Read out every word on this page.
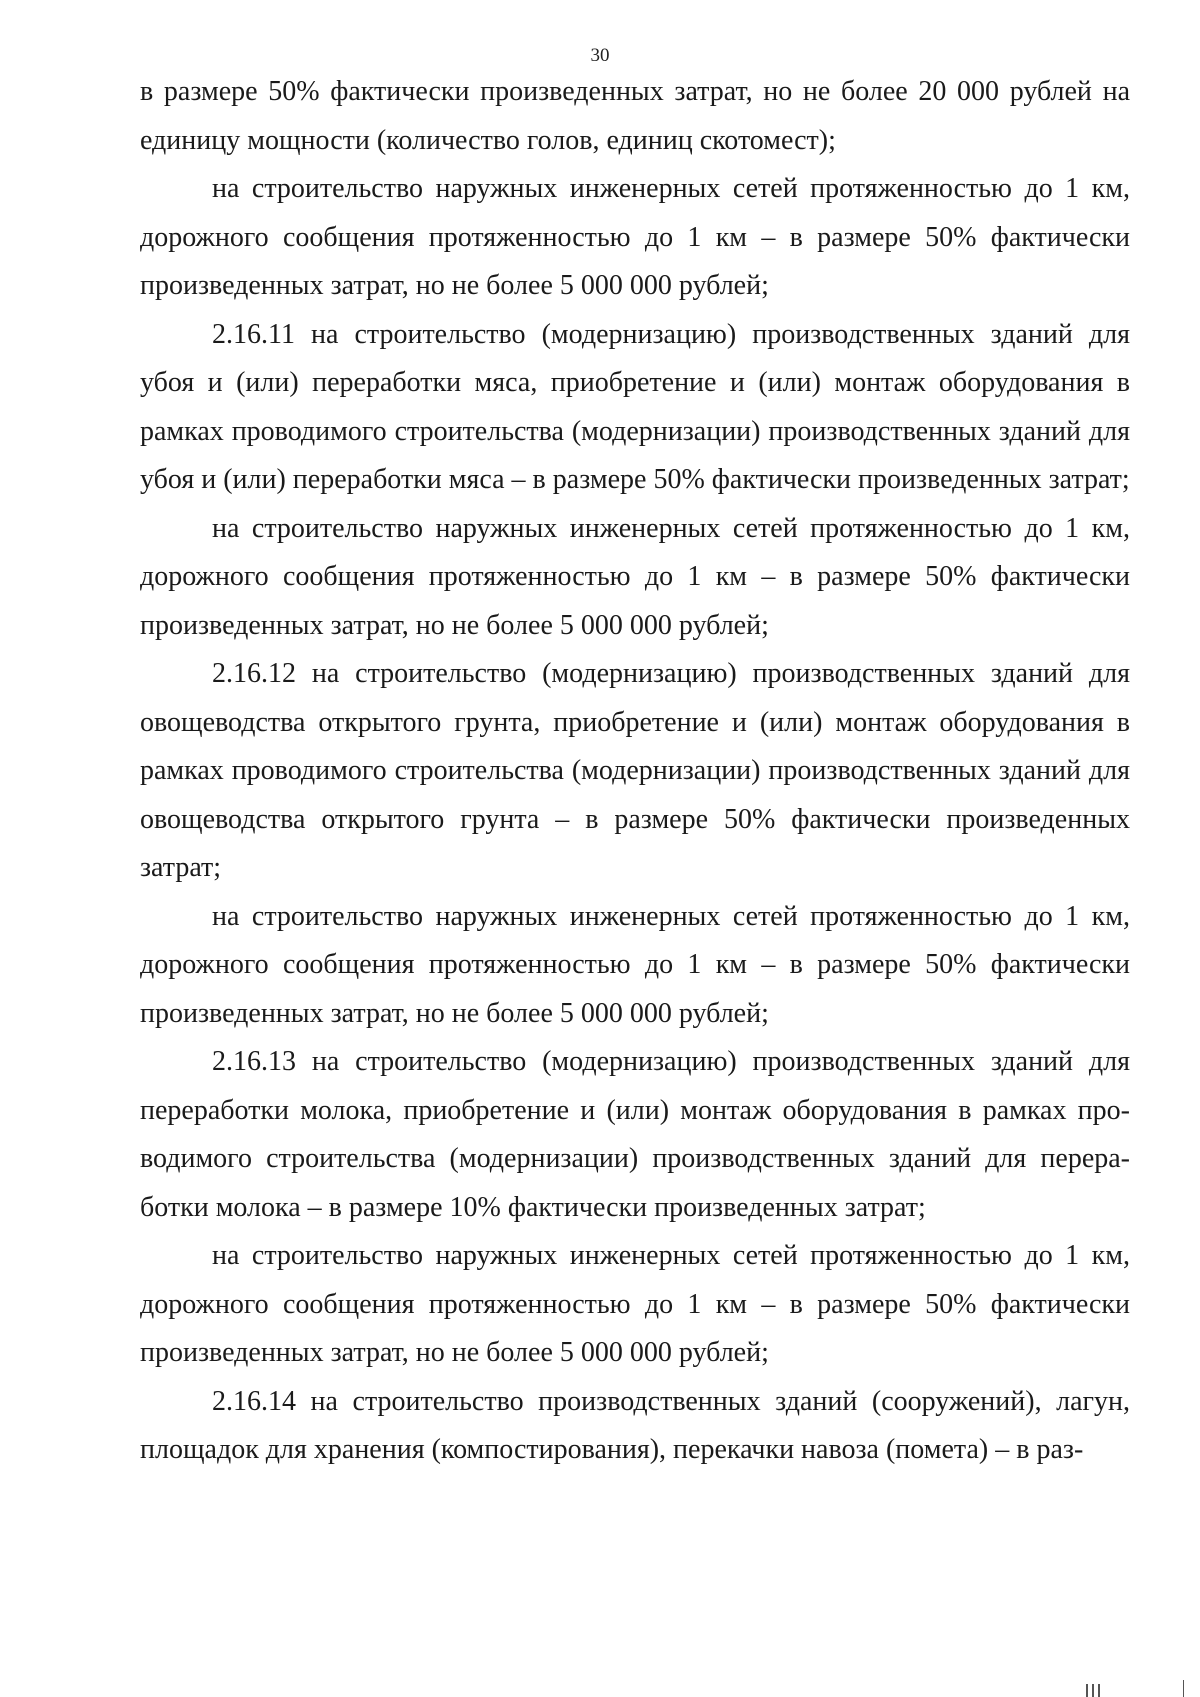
30

в размере 50% фактически произведенных затрат, но не более 20 000 рублей на единицу мощности (количество голов, единиц скотомест);

на строительство наружных инженерных сетей протяженностью до 1 км, дорожного сообщения протяженностью до 1 км – в размере 50% фактически произведенных затрат, но не более 5 000 000 рублей;

2.16.11 на строительство (модернизацию) производственных зданий для убоя и (или) переработки мяса, приобретение и (или) монтаж оборудования в рамках проводимого строительства (модернизации) производственных зданий для убоя и (или) переработки мяса – в размере 50% фактически произведенных затрат;

на строительство наружных инженерных сетей протяженностью до 1 км, дорожного сообщения протяженностью до 1 км – в размере 50% фактически произведенных затрат, но не более 5 000 000 рублей;

2.16.12 на строительство (модернизацию) производственных зданий для овощеводства открытого грунта, приобретение и (или) монтаж оборудования в рамках проводимого строительства (модернизации) производственных зданий для овощеводства открытого грунта – в размере 50% фактически произведенных затрат;

на строительство наружных инженерных сетей протяженностью до 1 км, дорожного сообщения протяженностью до 1 км – в размере 50% фактически произведенных затрат, но не более 5 000 000 рублей;

2.16.13 на строительство (модернизацию) производственных зданий для переработки молока, приобретение и (или) монтаж оборудования в рамках проводимого строительства (модернизации) производственных зданий для переработки молока – в размере 10% фактически произведенных затрат;

на строительство наружных инженерных сетей протяженностью до 1 км, дорожного сообщения протяженностью до 1 км – в размере 50% фактически произведенных затрат, но не более 5 000 000 рублей;

2.16.14 на строительство производственных зданий (сооружений), лагун, площадок для хранения (компостирования), перекачки навоза (помета) – в раз-
